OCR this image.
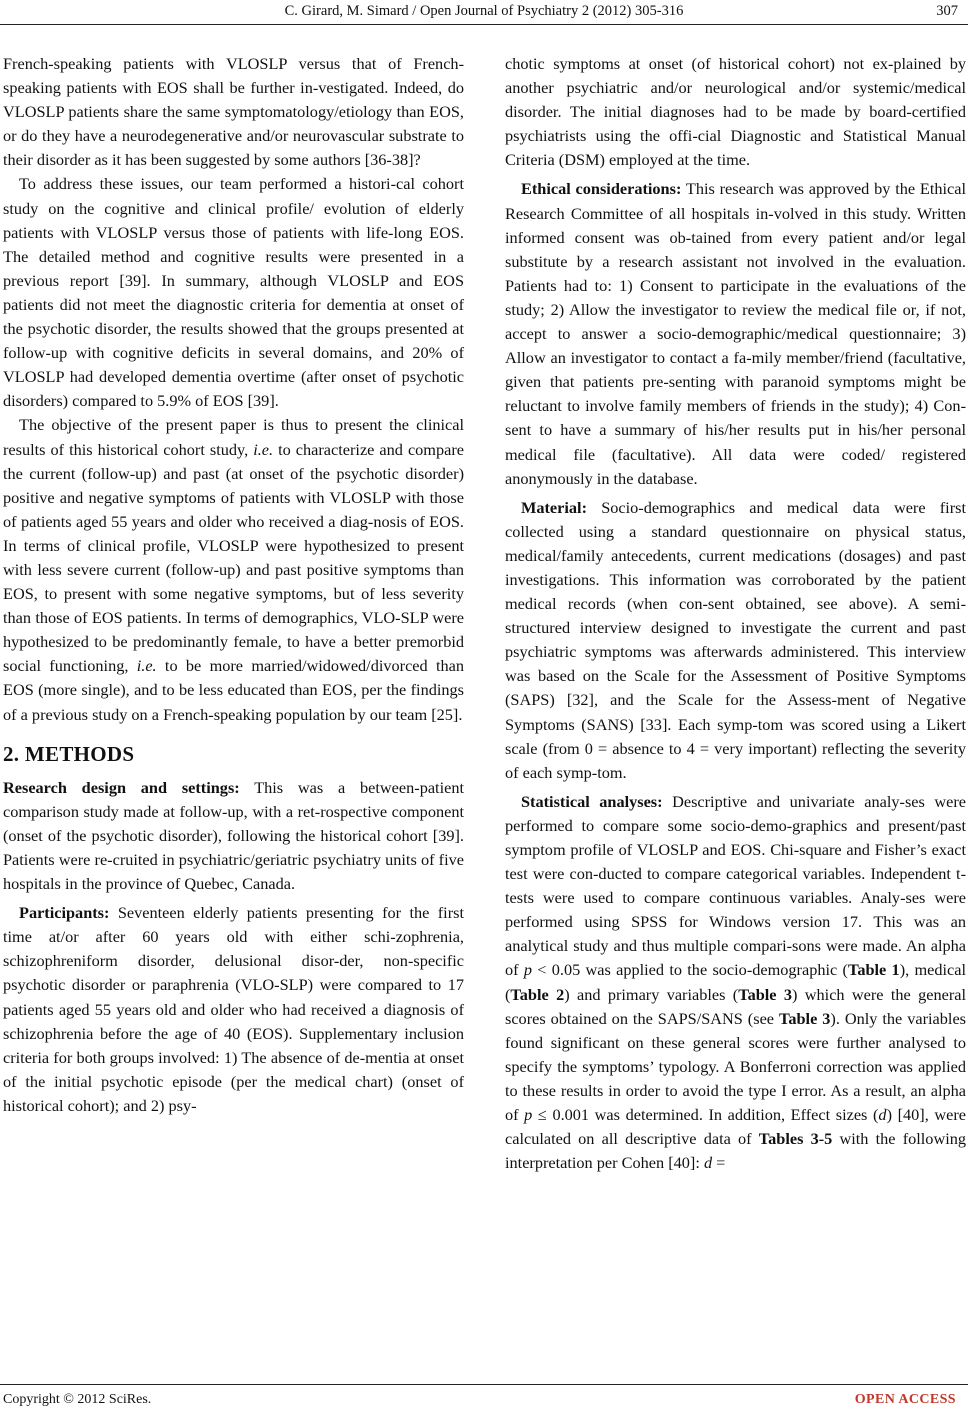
C. Girard, M. Simard / Open Journal of Psychiatry 2 (2012) 305-316	307

French-speaking patients with VLOSLP versus that of French-speaking patients with EOS shall be further in-vestigated. Indeed, do VLOSLP patients share the same symptomatology/etiology than EOS, or do they have a neurodegenerative and/or neurovascular substrate to their disorder as it has been suggested by some authors [36-38]?

To address these issues, our team performed a histori-cal cohort study on the cognitive and clinical profile/ evolution of elderly patients with VLOSLP versus those of patients with life-long EOS. The detailed method and cognitive results were presented in a previous report [39]. In summary, although VLOSLP and EOS patients did not meet the diagnostic criteria for dementia at onset of the psychotic disorder, the results showed that the groups presented at follow-up with cognitive deficits in several domains, and 20% of VLOSLP had developed dementia overtime (after onset of psychotic disorders) compared to 5.9% of EOS [39].

The objective of the present paper is thus to present the clinical results of this historical cohort study, i.e. to characterize and compare the current (follow-up) and past (at onset of the psychotic disorder) positive and negative symptoms of patients with VLOSLP with those of patients aged 55 years and older who received a diag-nosis of EOS. In terms of clinical profile, VLOSLP were hypothesized to present with less severe current (follow-up) and past positive symptoms than EOS, to present with some negative symptoms, but of less severity than those of EOS patients. In terms of demographics, VLO-SLP were hypothesized to be predominantly female, to have a better premorbid social functioning, i.e. to be more married/widowed/divorced than EOS (more single), and to be less educated than EOS, per the findings of a previous study on a French-speaking population by our team [25].

2. METHODS

Research design and settings: This was a between-patient comparison study made at follow-up, with a ret-rospective component (onset of the psychotic disorder), following the historical cohort [39]. Patients were re-cruited in psychiatric/geriatric psychiatry units of five hospitals in the province of Quebec, Canada.

Participants: Seventeen elderly patients presenting for the first time at/or after 60 years old with either schi-zophrenia, schizophreniform disorder, delusional disor-der, non-specific psychotic disorder or paraphrenia (VLO-SLP) were compared to 17 patients aged 55 years old and older who had received a diagnosis of schizophrenia before the age of 40 (EOS). Supplementary inclusion criteria for both groups involved: 1) The absence of de-mentia at onset of the initial psychotic episode (per the medical chart) (onset of historical cohort); and 2) psy-

chotic symptoms at onset (of historical cohort) not ex-plained by another psychiatric and/or neurological and/or systemic/medical disorder. The initial diagnoses had to be made by board-certified psychiatrists using the offi-cial Diagnostic and Statistical Manual Criteria (DSM) employed at the time.

Ethical considerations: This research was approved by the Ethical Research Committee of all hospitals in-volved in this study. Written informed consent was ob-tained from every patient and/or legal substitute by a research assistant not involved in the evaluation. Patients had to: 1) Consent to participate in the evaluations of the study; 2) Allow the investigator to review the medical file or, if not, accept to answer a socio-demographic/medical questionnaire; 3) Allow an investigator to contact a fa-mily member/friend (facultative, given that patients pre-senting with paranoid symptoms might be reluctant to involve family members of friends in the study); 4) Con-sent to have a summary of his/her results put in his/her personal medical file (facultative). All data were coded/ registered anonymously in the database.

Material: Socio-demographics and medical data were first collected using a standard questionnaire on physical status, medical/family antecedents, current medications (dosages) and past investigations. This information was corroborated by the patient medical records (when con-sent obtained, see above). A semi-structured interview designed to investigate the current and past psychiatric symptoms was afterwards administered. This interview was based on the Scale for the Assessment of Positive Symptoms (SAPS) [32], and the Scale for the Assess-ment of Negative Symptoms (SANS) [33]. Each symp-tom was scored using a Likert scale (from 0 = absence to 4 = very important) reflecting the severity of each symp-tom.

Statistical analyses: Descriptive and univariate analy-ses were performed to compare some socio-demo-graphics and present/past symptom profile of VLOSLP and EOS. Chi-square and Fisher’s exact test were con-ducted to compare categorical variables. Independent t-tests were used to compare continuous variables. Analy-ses were performed using SPSS for Windows version 17. This was an analytical study and thus multiple compari-sons were made. An alpha of p < 0.05 was applied to the socio-demographic (Table 1), medical (Table 2) and primary variables (Table 3) which were the general scores obtained on the SAPS/SANS (see Table 3). Only the variables found significant on these general scores were further analysed to specify the symptoms’ typology. A Bonferroni correction was applied to these results in order to avoid the type I error. As a result, an alpha of p ≤ 0.001 was determined. In addition, Effect sizes (d) [40], were calculated on all descriptive data of Tables 3-5 with the following interpretation per Cohen [40]: d =

Copyright © 2012 SciRes.	OPEN ACCESS
